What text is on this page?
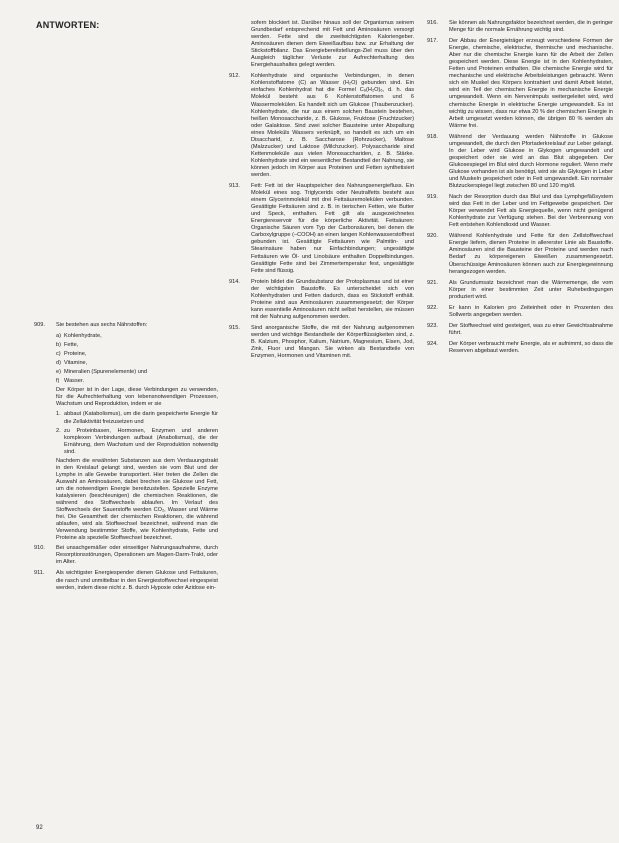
ANTWORTEN:
909. Sie bestehen aus sechs Nährstoffen:
a) Kohlenhydrate,
b) Fette,
c) Proteine,
d) Vitamine,
e) Mineralien (Spurenelemente) und
f) Wasser.
Der Körper ist in der Lage, diese Verbindungen zu verwenden, für die Aufrechterhaltung von lebensnotwendigen Prozessen, Wachstum und Reproduktion, indem er sie
1. abbaut (Katabolismus), um die darin gespeicherte Energie für die Zellaktivität freizusetzen und
2. zu Proteinbasen, Hormonen, Enzymen und anderen komplexen Verbindungen aufbaut (Anabolismus), die der Ernährung, dem Wachstum und der Reproduktion notwendig sind.
Nachdem die erwähnten Substanzen aus dem Verdauungstrakt in den Kreislauf gelangt sind, werden sie vom Blut und der Lymphe in alle Gewebe transportiert. Hier treten die Zellen die Auswahl an Aminosäuren, dabei brechen sie Glukose und Fett, um die notwendigen Energie bereitzustellen. Spezielle Enzyme katalysieren (beschleunigen) die chemischen Reaktionen, die während des Stoffwechsels ablaufen. Im Verlauf des Stoffwechsels der Sauerstoffe werden CO₂, Wasser und Wärme frei. Die Gesamtheit der chemischen Reaktionen, die während ablaufen, wird als Stoffwechsel bezeichnet, während man die Verwendung bestimmter Stoffe, wie Kohlenhydrate, Fette und Proteine als spezielle Stoffwechsel bezeichnet.
910. Bei unsachgemäßer oder einseitiger Nahrungsaufnahme, durch Resorptionsstörungen, Operationen am Magen-Darm-Trakt, oder im Alter.
911. Als wichtigster Energiespender dienen Glukose und Fettsäuren, die rasch und unmittelbar in den Energiestoffwechsel eingespeist werden, indem diese nicht z. B. durch Hypoxie oder Azidose ein-
sofern blockiert ist. Darüber hinaus soll der Organismus seinem Grundbedarf entsprechend mit Fett und Aminosäuren versorgt werden. Fette sind die zweitwichtigsten Kaloriengeber. Aminosäuren dienen dem Eiweißaufbau bzw. zur Erhaltung der Stickstoffbilanz. Das Energiebereitstellungs-Ziel muss über den Ausgleich täglicher Verluste zur Aufrechterhaltung des Energiehaushaltes gelegt werden.
912. Kohlenhydrate sind organische Verbindungen, in denen Kohlenstoffatome (C) an Wasser (H₂O) gebunden sind. Ein einfaches Kohlenhydrat hat die Formel C₆(H₂O)₆, d. h. das Molekül besteht aus 6 Kohlenstoffatomen und 6 Wassermolekülen. Es handelt sich um Glukose (Traubenzucker). Kohlenhydrate, die nur aus einem solchen Baustein bestehen, heißen Monosaccharide, z. B. Glukose, Fruktose (Fruchtzucker) oder Galaktose. Sind zwei solcher Bausteine unter Abspaltung eines Moleküls Wassers verknüpft, so handelt es sich um ein Disaccharid, z. B. Saccharose (Rohrzucker), Maltose (Malzzucker) und Laktose (Milchzucker). Polysaccharide sind Kettenmoleküle aus vielen Monosacchariden, z. B. Stärke. Kohlenhydrate sind ein wesentlicher Bestandteil der Nahrung, sie können jedoch im Körper aus Proteinen und Fetten synthetisiert werden.
913. Fett: Fett ist der Hauptspeicher des Nahrungsenergiefluss. Ein Molekül eines sog. Triglycerids oder Neutralfetts besteht aus einem Glycerinmolekül mit drei Fettsäuremolekülen verbunden. Gesättigte Fettsäuren sind z. B. in tierischen Fetten, wie Butter und Speck, enthalten. Fett gilt als ausgezeichnetes Energiereservoir für die körperliche Aktivität. Fettsäuren: Organische Säuren vom Typ der Carbonsäuren, bei denen die Carboxylgruppe (–COOH) an einen langen Kohlenwasserstoffrest gebunden ist. Gesättigte Fettsäuren wie Palmitin- und Stearinsäure haben nur Einfachbindungen; ungesättigte Fettsäuren wie Öl- und Linolsäure enthalten Doppelbindungen. Gesättigte Fette sind bei Zimmertemperatur fest, ungesättigte Fette sind flüssig.
914. Protein bildet die Grundsubstanz der Protoplasmas und ist einer der wichtigsten Baustoffe. Es unterscheidet sich von Kohlenhydraten und Fetten dadurch, dass es Stickstoff enthält. Proteine sind aus Aminosäuren zusammengesetzt; der Körper kann essentielle Aminosäuren nicht selbst herstellen, sie müssen mit der Nahrung aufgenommen werden.
915. Sind anorganische Stoffe, die mit der Nahrung aufgenommen werden und wichtige Bestandteile der Körperflüssigkeiten sind, z. B. Kalzium, Phosphor, Kalium, Natrium, Magnesium, Eisen, Jod, Zink, Fluor und Mangan. Sie wirken als Bestandteile von Enzymen, Hormonen und Vitaminen mit.
916. Sie können als Nahrungsfaktor bezeichnet werden, die in geringer Menge für die normale Ernährung wichtig sind.
917. Der Abbau der Energieträger erzeugt verschiedene Formen der Energie, chemische, elektrische, thermische und mechanische. Aber nur die chemische Energie kann für die Arbeit der Zellen gespeichert werden. Diese Energie ist in den Kohlenhydraten, Fetten und Proteinen enthalten. Die chemische Energie wird für mechanische und elektrische Arbeitsleistungen gebraucht. Wenn sich ein Muskel des Körpers kontrahiert und damit Arbeit leistet, wird ein Teil der chemischen Energie in mechanische Energie umgewandelt. Wenn ein Nervenimpuls weitergeleitet wird, wird chemische Energie in elektrische Energie umgewandelt. Es ist wichtig zu wissen, dass nur etwa 20 % der chemischen Energie in Arbeit umgesetzt werden können, die übrigen 80 % werden als Wärme frei.
918. Während der Verdauung werden Nährstoffe in Glukose umgewandelt, die durch den Pfortaderkreislauf zur Leber gelangt. In der Leber wird Glukose in Glykogen umgewandelt und gespeichert oder sie wird an das Blut abgegeben. Der Glukosespiegel im Blut wird durch Hormone reguliert. Wenn mehr Glukose vorhanden ist als benötigt, wird sie als Glykogen in Leber und Muskeln gespeichert oder in Fett umgewandelt. Ein normaler Blutzuckerspiegel liegt zwischen 80 und 120 mg/dl.
919. Nach der Resorption durch das Blut und das Lymphgefäßsystem wird das Fett in der Leber und im Fettgewebe gespeichert. Der Körper verwendet Fett als Energiequelle, wenn nicht genügend Kohlenhydrate zur Verfügung stehen. Bei der Verbrennung von Fett entstehen Kohlendioxid und Wasser.
920. Während Kohlenhydrate und Fette für den Zellstoffwechsel Energie liefern, dienen Proteine in allererster Linie als Baustoffe. Aminosäuren sind die Bausteine der Proteine und werden nach Bedarf zu körpereigenen Eiweißen zusammengesetzt. Überschüssige Aminosäuren können auch zur Energiegewinnung herangezogen werden.
921. Als Grundumsatz bezeichnet man die Wärmemenge, die vom Körper in einer bestimmten Zeit unter Ruhebedingungen produziert wird.
922. Er kann in Kalorien pro Zeiteinheit oder in Prozenten des Sollwerts angegeben werden.
923. Der Stoffwechsel wird gesteigert, was zu einer Gewichtsabnahme führt.
924. Der Körper verbraucht mehr Energie, als er aufnimmt, so dass die Reserven abgebaut werden.
92
